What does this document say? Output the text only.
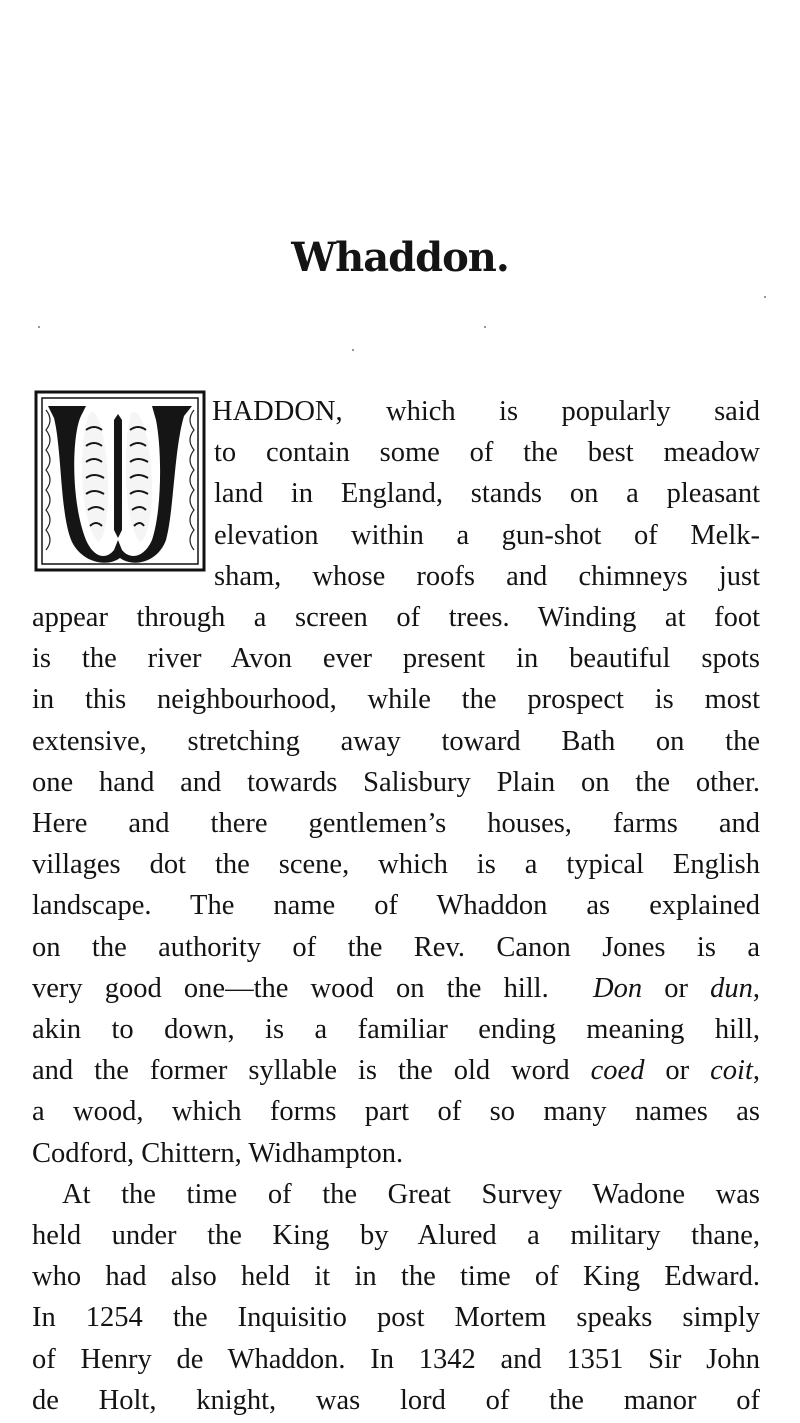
Whaddon.

HADDON, which is popularly said

to contain some of the best meadow

land in England, stands on a pleasant

elevation within a gun-shot of Melk-

sham, whose roofs and chimneys just

appear through a screen of trees. Winding at foot

is the river Avon ever present in beautiful spots

in this neighbourhood, while the prospect is most

extensive, stretching away toward Bath on the

one hand and towards Salisbury Plain on the other.

Here and there gentlemen’s houses, farms and

villages dot the scene, which is a typical English

landscape. The name of Whaddon as explained

on the authority of the Rev. Canon Jones is a

very good one—the wood on the hill. Don or dun,

akin to down, is a familiar ending meaning hill,

and the former syllable is the old word coed or coit,

a wood, which forms part of so many names as

Codford, Chittern, Widhampton.

At the time of the Great Survey Wadone was

held under the King by Alured a military thane,

who had also held it in the time of King Edward.

In 1254 the Inquisitio post Mortem speaks simply

of Henry de Whaddon. In 1342 and 1351 Sir John

de Holt, knight, was lord of the manor of
